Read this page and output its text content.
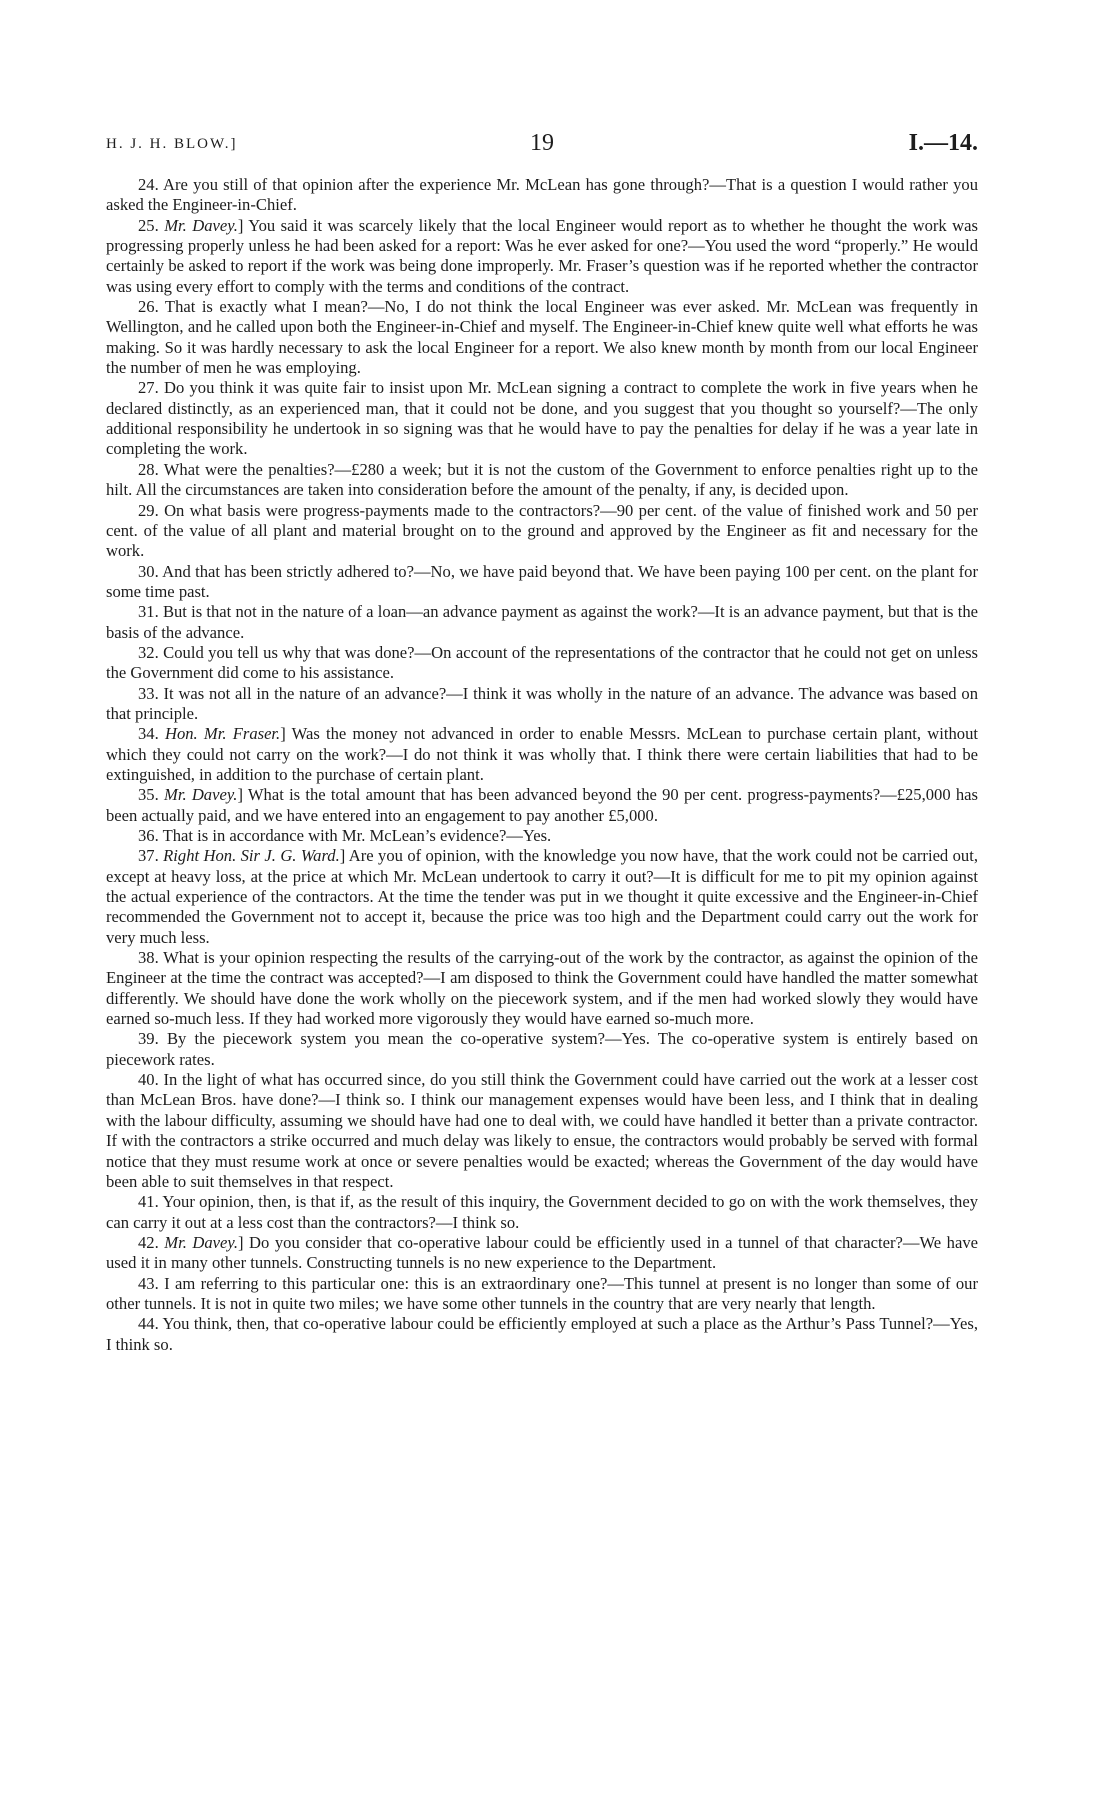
H. J. H. BLOW.]	19	I.—14.

24. Are you still of that opinion after the experience Mr. McLean has gone through?—That is a question I would rather you asked the Engineer-in-Chief.

25. Mr. Davey.] You said it was scarcely likely that the local Engineer would report as to whether he thought the work was progressing properly unless he had been asked for a report: Was he ever asked for one?—You used the word “properly.” He would certainly be asked to report if the work was being done improperly. Mr. Fraser’s question was if he reported whether the contractor was using every effort to comply with the terms and conditions of the contract.

26. That is exactly what I mean?—No, I do not think the local Engineer was ever asked. Mr. McLean was frequently in Wellington, and he called upon both the Engineer-in-Chief and myself. The Engineer-in-Chief knew quite well what efforts he was making. So it was hardly necessary to ask the local Engineer for a report. We also knew month by month from our local Engineer the number of men he was employing.

27. Do you think it was quite fair to insist upon Mr. McLean signing a contract to complete the work in five years when he declared distinctly, as an experienced man, that it could not be done, and you suggest that you thought so yourself?—The only additional responsibility he undertook in so signing was that he would have to pay the penalties for delay if he was a year late in completing the work.

28. What were the penalties?—£280 a week; but it is not the custom of the Government to enforce penalties right up to the hilt. All the circumstances are taken into consideration before the amount of the penalty, if any, is decided upon.

29. On what basis were progress-payments made to the contractors?—90 per cent. of the value of finished work and 50 per cent. of the value of all plant and material brought on to the ground and approved by the Engineer as fit and necessary for the work.

30. And that has been strictly adhered to?—No, we have paid beyond that. We have been paying 100 per cent. on the plant for some time past.

31. But is that not in the nature of a loan—an advance payment as against the work?—It is an advance payment, but that is the basis of the advance.

32. Could you tell us why that was done?—On account of the representations of the contractor that he could not get on unless the Government did come to his assistance.

33. It was not all in the nature of an advance?—I think it was wholly in the nature of an advance. The advance was based on that principle.

34. Hon. Mr. Fraser.] Was the money not advanced in order to enable Messrs. McLean to purchase certain plant, without which they could not carry on the work?—I do not think it was wholly that. I think there were certain liabilities that had to be extinguished, in addition to the purchase of certain plant.

35. Mr. Davey.] What is the total amount that has been advanced beyond the 90 per cent. progress-payments?—£25,000 has been actually paid, and we have entered into an engagement to pay another £5,000.

36. That is in accordance with Mr. McLean’s evidence?—Yes.

37. Right Hon. Sir J. G. Ward.] Are you of opinion, with the knowledge you now have, that the work could not be carried out, except at heavy loss, at the price at which Mr. McLean undertook to carry it out?—It is difficult for me to pit my opinion against the actual experience of the contractors. At the time the tender was put in we thought it quite excessive and the Engineer-in-Chief recommended the Government not to accept it, because the price was too high and the Department could carry out the work for very much less.

38. What is your opinion respecting the results of the carrying-out of the work by the contractor, as against the opinion of the Engineer at the time the contract was accepted?—I am disposed to think the Government could have handled the matter somewhat differently. We should have done the work wholly on the piecework system, and if the men had worked slowly they would have earned so-much less. If they had worked more vigorously they would have earned so-much more.

39. By the piecework system you mean the co-operative system?—Yes. The co-operative system is entirely based on piecework rates.

40. In the light of what has occurred since, do you still think the Government could have carried out the work at a lesser cost than McLean Bros. have done?—I think so. I think our management expenses would have been less, and I think that in dealing with the labour difficulty, assuming we should have had one to deal with, we could have handled it better than a private contractor. If with the contractors a strike occurred and much delay was likely to ensue, the contractors would probably be served with formal notice that they must resume work at once or severe penalties would be exacted; whereas the Government of the day would have been able to suit themselves in that respect.

41. Your opinion, then, is that if, as the result of this inquiry, the Government decided to go on with the work themselves, they can carry it out at a less cost than the contractors?—I think so.

42. Mr. Davey.] Do you consider that co-operative labour could be efficiently used in a tunnel of that character?—We have used it in many other tunnels. Constructing tunnels is no new experience to the Department.

43. I am referring to this particular one: this is an extraordinary one?—This tunnel at present is no longer than some of our other tunnels. It is not in quite two miles; we have some other tunnels in the country that are very nearly that length.

44. You think, then, that co-operative labour could be efficiently employed at such a place as the Arthur’s Pass Tunnel?—Yes, I think so.
